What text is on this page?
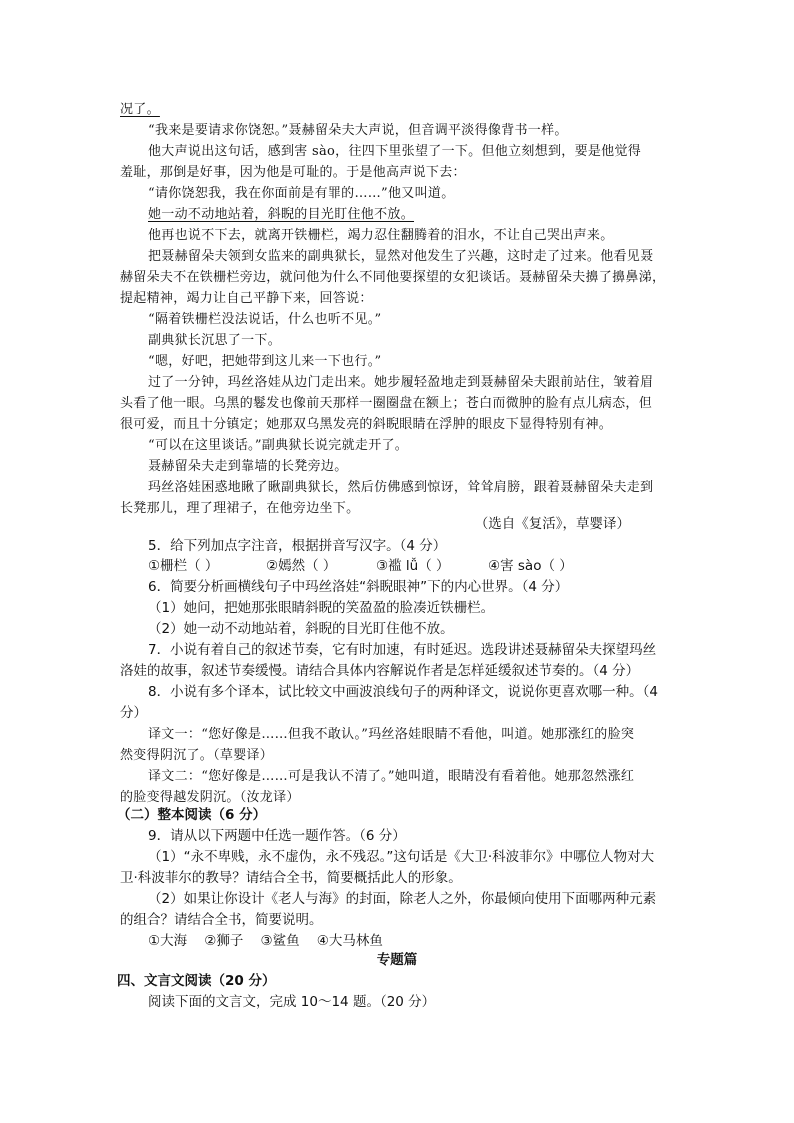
况了。
“我来是要请求你饶恕。”聂赫留朵夫大声说，但音调平淡得像背书一样。
他大声说出这句话，感到害 sào，往四下里张望了一下。但他立刻想到，要是他觉得
羞耻，那倒是好事，因为他是可耻的。于是他高声说下去：
“请你饶恕我，我在你面前是有罪的……”他又叫道。
她一动不动地站着，斜睨的目光盯住他不放。
他再也说不下去，就离开铁栅栏，竭力忍住翻腾着的泪水，不让自己哭出声来。
把聂赫留朵夫领到女监来的副典狱长，显然对他发生了兴趣，这时走了过来。他看见聂
赫留朵夫不在铁栅栏旁边，就问他为什么不同他要探望的女犯谈话。聂赫留朵夫擤了擤鼻涕，
提起精神，竭力让自己平静下来，回答说：
“隔着铁栅栏没法说话，什么也听不见。”
副典狱长沉思了一下。
“嗯，好吧，把她带到这儿来一下也行。”
过了一分钟，玛丝洛娃从边门走出来。她步履轻盈地走到聂赫留朵夫跟前站住，皱着眉
头看了他一眼。乌黑的鬈发也像前天那样一圈圈盘在额上；苍白而微肿的脸有点儿病态，但
很可爱，而且十分镇定；她那双乌黑发亮的斜睨眼睛在浮肿的眼皮下显得特别有神。
“可以在这里谈话。”副典狱长说完就走开了。
聂赫留朵夫走到靠墙的长凳旁边。
玛丝洛娃困惑地瞅了瞅副典狱长，然后仿佛感到惊讶，耸耸肩膀，跟着聂赫留朵夫走到
长凳那儿，理了理裙子，在他旁边坐下。
（选自《复活》，草婴译）
5．给下列加点字注音，根据拼音写汉字。（4 分）
①栅栏（ ）	②嫣然（ ）	③褴 lǚ（ ）	④害 sào（ ）
6．简要分析画横线句子中玛丝洛娃“斜睨眼神”下的内心世界。（4 分）
（1）她问，把她那张眼睛斜睨的笑盈盈的脸凑近铁栅栏。
（2）她一动不动地站着，斜睨的目光盯住他不放。
7．小说有着自己的叙述节奏，它有时加速，有时延迟。选段讲述聂赫留朵夫探望玛丝
洛娃的故事，叙述节奏缓慢。请结合具体内容解说作者是怎样延缓叙述节奏的。（4 分）
8．小说有多个译本，试比较文中画波浪线句子的两种译文，说说你更喜欢哪一种。（4
分）
译文一：“您好像是……但我不敢认。”玛丝洛娃眼睛不看他，叫道。她那涨红的脸突
然变得阴沉了。（草婴译）
译文二：“您好像是……可是我认不清了。”她叫道，眼睛没有看着他。她那忽然涨红
的脸变得越发阴沉。（汝龙译）
（二）整本阅读（6 分）
9．请从以下两题中任选一题作答。（6 分）
（1）“永不卑贱，永不虚伪，永不残忍。”这句话是《大卫·科波菲尔》中哪位人物对大
卫·科波菲尔的教导？请结合全书，简要概括此人的形象。
（2）如果让你设计《老人与海》的封面，除老人之外，你最倾向使用下面哪两种元素
的组合？请结合全书，简要说明。
①大海    ②狮子    ③鲨鱼    ④大马林鱼
专题篇
四、文言文阅读（20 分）
阅读下面的文言文，完成 10～14 题。（20 分）
